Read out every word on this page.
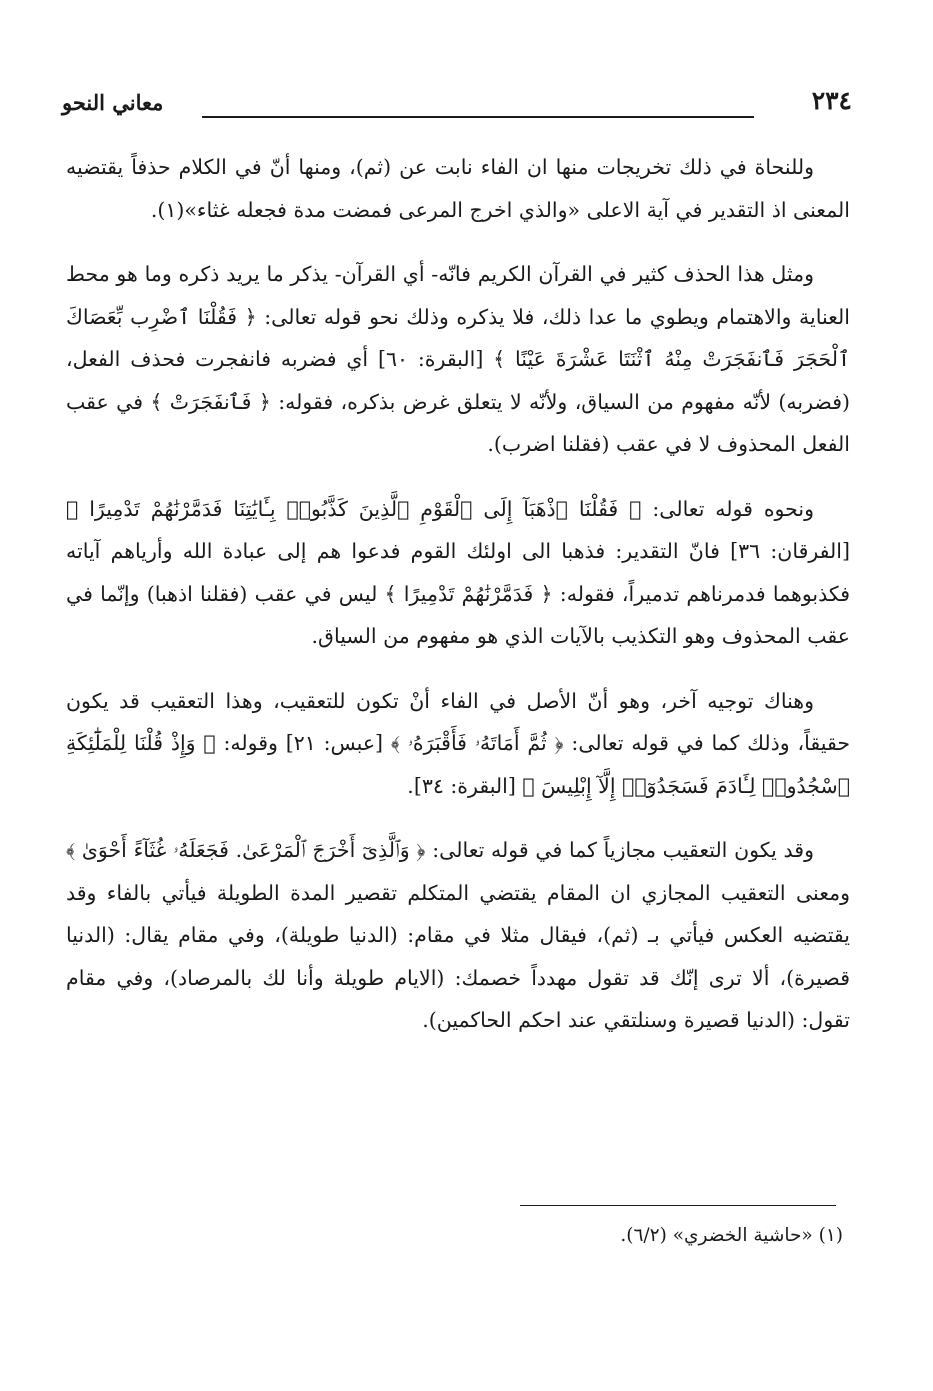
٢٣٤
معاني النحو

وللنحاة في ذلك تخريجات منها ان الفاء نابت عن (ثم)، ومنها أنّ في الكلام حذفاً يقتضيه المعنى اذ التقدير في آية الاعلى «والذي اخرج المرعى فمضت مدة فجعله غثاء»(١).

ومثل هذا الحذف كثير في القرآن الكريم فانّه- أي القرآن- يذكر ما يريد ذكره وما هو محط العناية والاهتمام ويطوي ما عدا ذلك، فلا يذكره وذلك نحو قوله تعالى: ﴿ فَقُلْنَا ٱضْرِب بِّعَصَاكَ ٱلْحَجَرَ فَٱنفَجَرَتْ مِنْهُ ٱثْنَتَا عَشْرَةَ عَيْنًا ﴾ [البقرة: ٦٠] أي فضربه فانفجرت فحذف الفعل، (فضربه) لأنّه مفهوم من السياق، ولأنّه لا يتعلق غرض بذكره، فقوله: ﴿ فَٱنفَجَرَتْ ﴾ في عقب الفعل المحذوف لا في عقب (فقلنا اضرب).

ونحوه قوله تعالى: ﴿ فَقُلْنَا ٱذْهَبَآ إِلَى ٱلْقَوْمِ ٱلَّذِينَ كَذَّبُوا۟ بِـَٔايَٰتِنَا فَدَمَّرْنَٰهُمْ تَدْمِيرًا ﴾ [الفرقان: ٣٦] فانّ التقدير: فذهبا الى اولئك القوم فدعوا هم إلى عبادة الله وأرياهم آياته فكذبوهما فدمرناهم تدميراً، فقوله: ﴿ فَدَمَّرْنَٰهُمْ تَدْمِيرًا ﴾ ليس في عقب (فقلنا اذهبا) وإنّما في عقب المحذوف وهو التكذيب بالآيات الذي هو مفهوم من السياق.

وهناك توجيه آخر، وهو أنّ الأصل في الفاء أنْ تكون للتعقيب، وهذا التعقيب قد يكون حقيقاً، وذلك كما في قوله تعالى: ﴿ ثُمَّ أَمَاتَهُۥ فَأَقْبَرَهُۥ ﴾ [عبس: ٢١] وقوله: ﴿ وَإِذْ قُلْنَا لِلْمَلَٰٓئِكَةِ ٱسْجُدُوا۟ لِـَٔادَمَ فَسَجَدُوٓا۟ إِلَّآ إِبْلِيسَ ﴾ [البقرة: ٣٤].

وقد يكون التعقيب مجازياً كما في قوله تعالى: ﴿ وَٱلَّذِىٓ أَخْرَجَ ٱلْمَرْعَىٰ. فَجَعَلَهُۥ غُثَآءً أَحْوَىٰ ﴾ ومعنى التعقيب المجازي ان المقام يقتضي المتكلم تقصير المدة الطويلة فيأتي بالفاء وقد يقتضيه العكس فيأتي بـ (ثم)، فيقال مثلا في مقام: (الدنيا طويلة)، وفي مقام يقال: (الدنيا قصيرة)، ألا ترى إنّك قد تقول مهدداً خصمك: (الايام طويلة وأنا لك بالمرصاد)، وفي مقام تقول: (الدنيا قصيرة وسنلتقي عند احكم الحاكمين).

(١) «حاشية الخضري» (٦/٢).
